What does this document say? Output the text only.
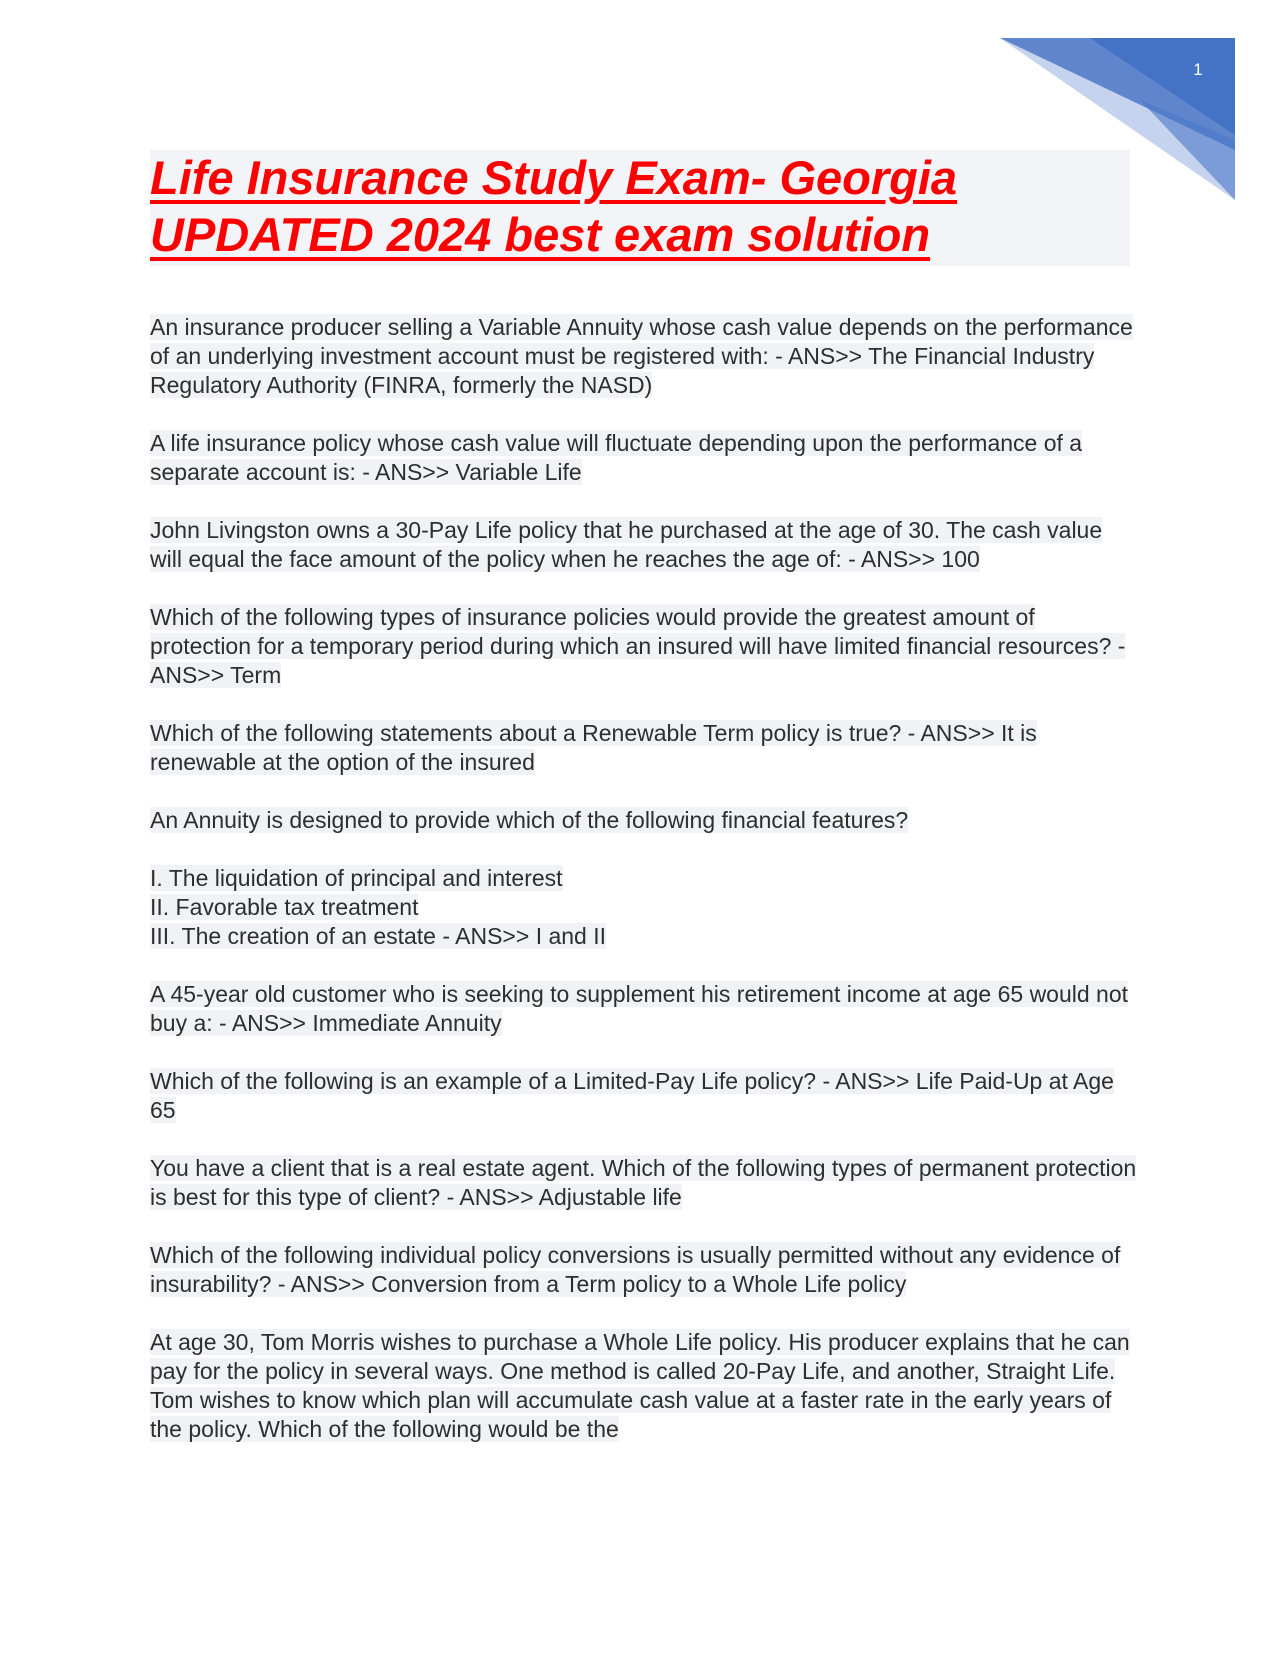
1
Life Insurance Study Exam- Georgia
UPDATED 2024 best exam solution

An insurance producer selling a Variable Annuity whose cash value depends on the performance of an underlying investment account must be registered with: - ANS>> The Financial Industry Regulatory Authority (FINRA, formerly the NASD)

A life insurance policy whose cash value will fluctuate depending upon the performance of a separate account is: - ANS>> Variable Life

John Livingston owns a 30-Pay Life policy that he purchased at the age of 30. The cash value will equal the face amount of the policy when he reaches the age of: - ANS>> 100

Which of the following types of insurance policies would provide the greatest amount of protection for a temporary period during which an insured will have limited financial resources? - ANS>> Term

Which of the following statements about a Renewable Term policy is true? - ANS>> It is renewable at the option of the insured

An Annuity is designed to provide which of the following financial features?

I. The liquidation of principal and interest
II. Favorable tax treatment
III. The creation of an estate - ANS>> I and II

A 45-year old customer who is seeking to supplement his retirement income at age 65 would not buy a: - ANS>> Immediate Annuity

Which of the following is an example of a Limited-Pay Life policy? - ANS>> Life Paid-Up at Age 65

You have a client that is a real estate agent. Which of the following types of permanent protection is best for this type of client? - ANS>> Adjustable life

Which of the following individual policy conversions is usually permitted without any evidence of insurability? - ANS>> Conversion from a Term policy to a Whole Life policy

At age 30, Tom Morris wishes to purchase a Whole Life policy. His producer explains that he can pay for the policy in several ways. One method is called 20-Pay Life, and another, Straight Life. Tom wishes to know which plan will accumulate cash value at a faster rate in the early years of the policy. Which of the following would be the
